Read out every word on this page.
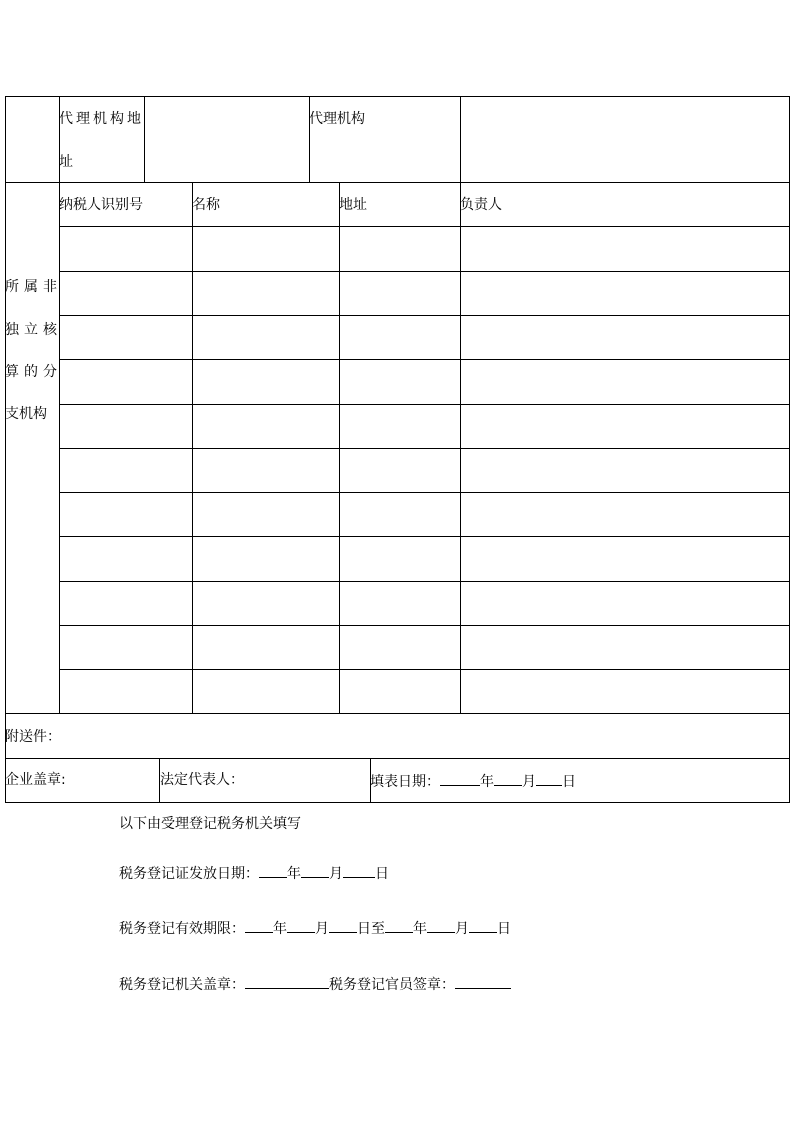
代理机构地
址
代理机构
所属非
独立核
算的分
支机构
纳税人识别号	名称	地址	负责人
附送件：
企业盖章:	法定代表人：	填表日期：	年 月 日
以下由受理登记税务机关填写
税务登记证发放日期： 年 月 日
税务登记有效期限： 年 月 日至 年 月 日
税务登记机关盖章：	税务登记官员签章：
